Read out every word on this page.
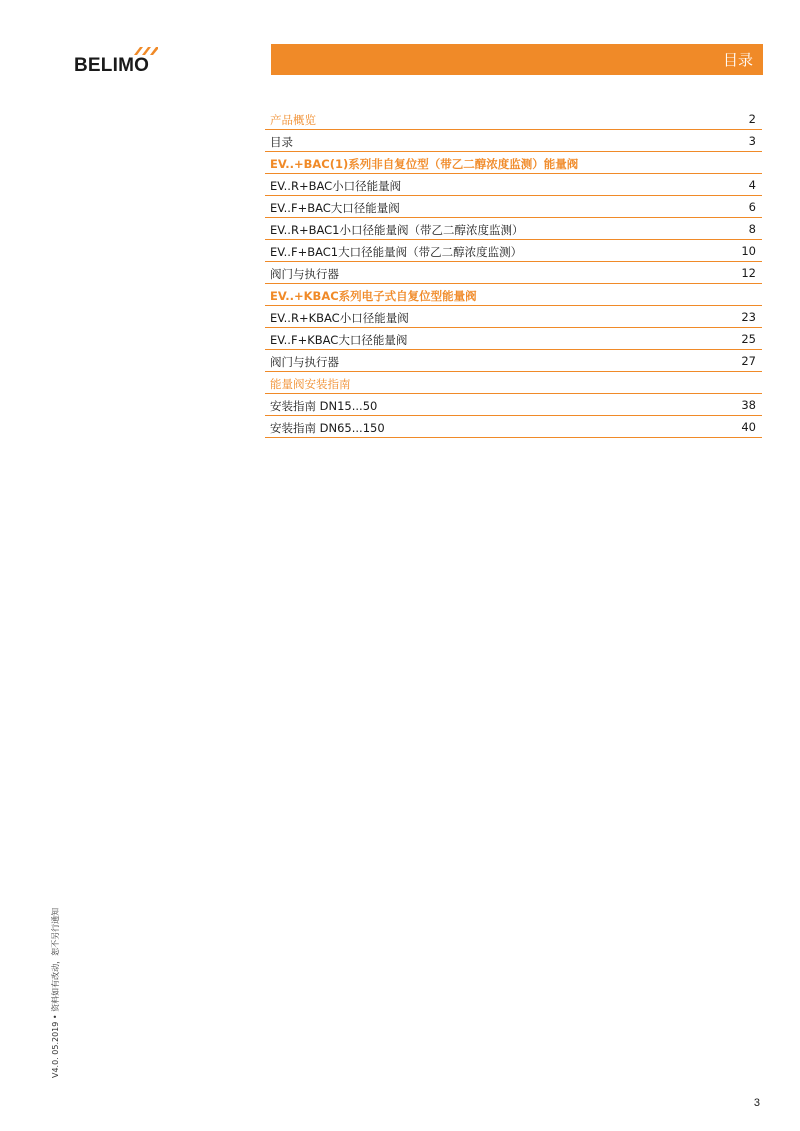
BELIMO	目录
产品概览	2
目录	3
EV..+BAC(1)系列非自复位型（带乙二醇浓度监测）能量阀
EV..R+BAC小口径能量阀	4
EV..F+BAC大口径能量阀	6
EV..R+BAC1小口径能量阀（带乙二醇浓度监测）	8
EV..F+BAC1大口径能量阀（带乙二醇浓度监测）	10
阀门与执行器	12
EV..+KBAC系列电子式自复位型能量阀
EV..R+KBAC小口径能量阀	23
EV..F+KBAC大口径能量阀	25
阀门与执行器	27
能量阀安装指南
安装指南 DN15...50	38
安装指南 DN65...150	40
V4.0. 05.2019 • 资料如有改动，恕不另行通知
3
